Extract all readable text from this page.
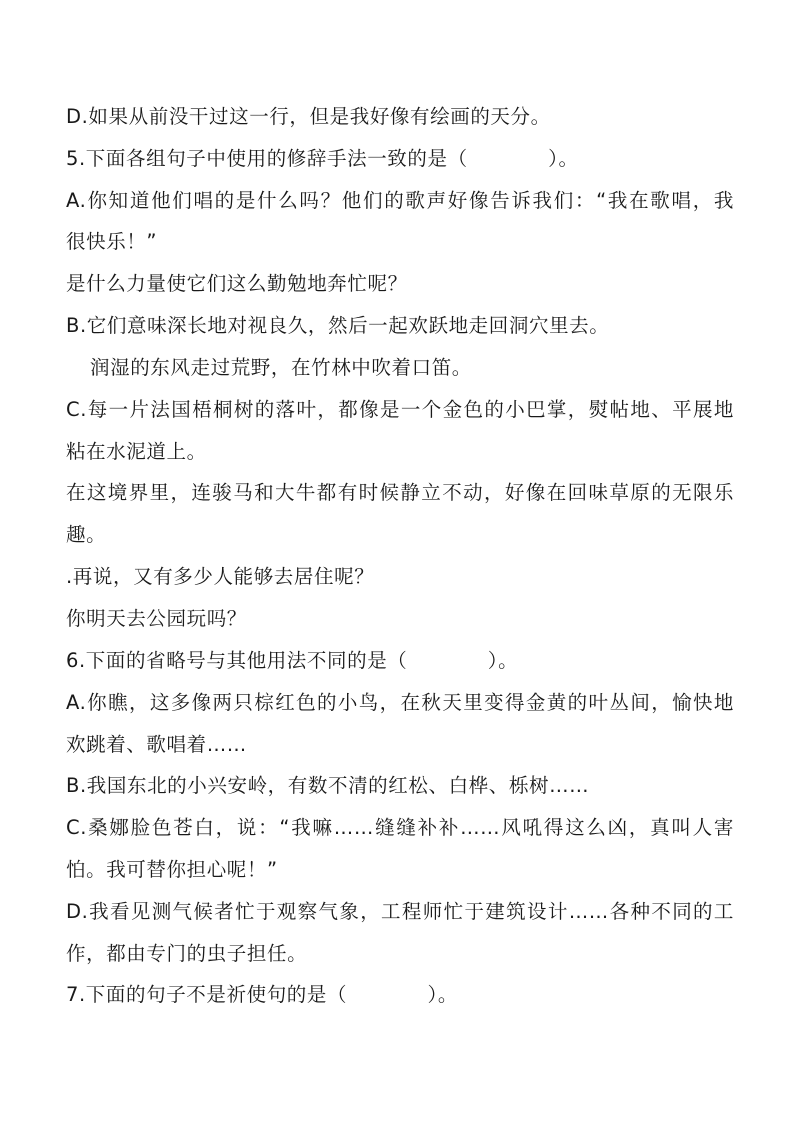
D.如果从前没干过这一行，但是我好像有绘画的天分。

5.下面各组句子中使用的修辞手法一致的是（　　　　）。

A.你知道他们唱的是什么吗？他们的歌声好像告诉我们：“我在歌唱，我

很快乐！”

是什么力量使它们这么勤勉地奔忙呢？

B.它们意味深长地对视良久，然后一起欢跃地走回洞穴里去。

润湿的东风走过荒野，在竹林中吹着口笛。

C.每一片法国梧桐树的落叶，都像是一个金色的小巴掌，熨帖地、平展地

粘在水泥道上。

在这境界里，连骏马和大牛都有时候静立不动，好像在回味草原的无限乐

趣。

.再说，又有多少人能够去居住呢？

你明天去公园玩吗？

6.下面的省略号与其他用法不同的是（　　　　）。

A.你瞧，这多像两只棕红色的小鸟，在秋天里变得金黄的叶丛间，愉快地

欢跳着、歌唱着……

B.我国东北的小兴安岭，有数不清的红松、白桦、栎树……

C.桑娜脸色苍白，说：“我嘛……缝缝补补……风吼得这么凶，真叫人害

怕。我可替你担心呢！”

D.我看见测气候者忙于观察气象，工程师忙于建筑设计……各种不同的工

作，都由专门的虫子担任。

7.下面的句子不是祈使句的是（　　　　）。
